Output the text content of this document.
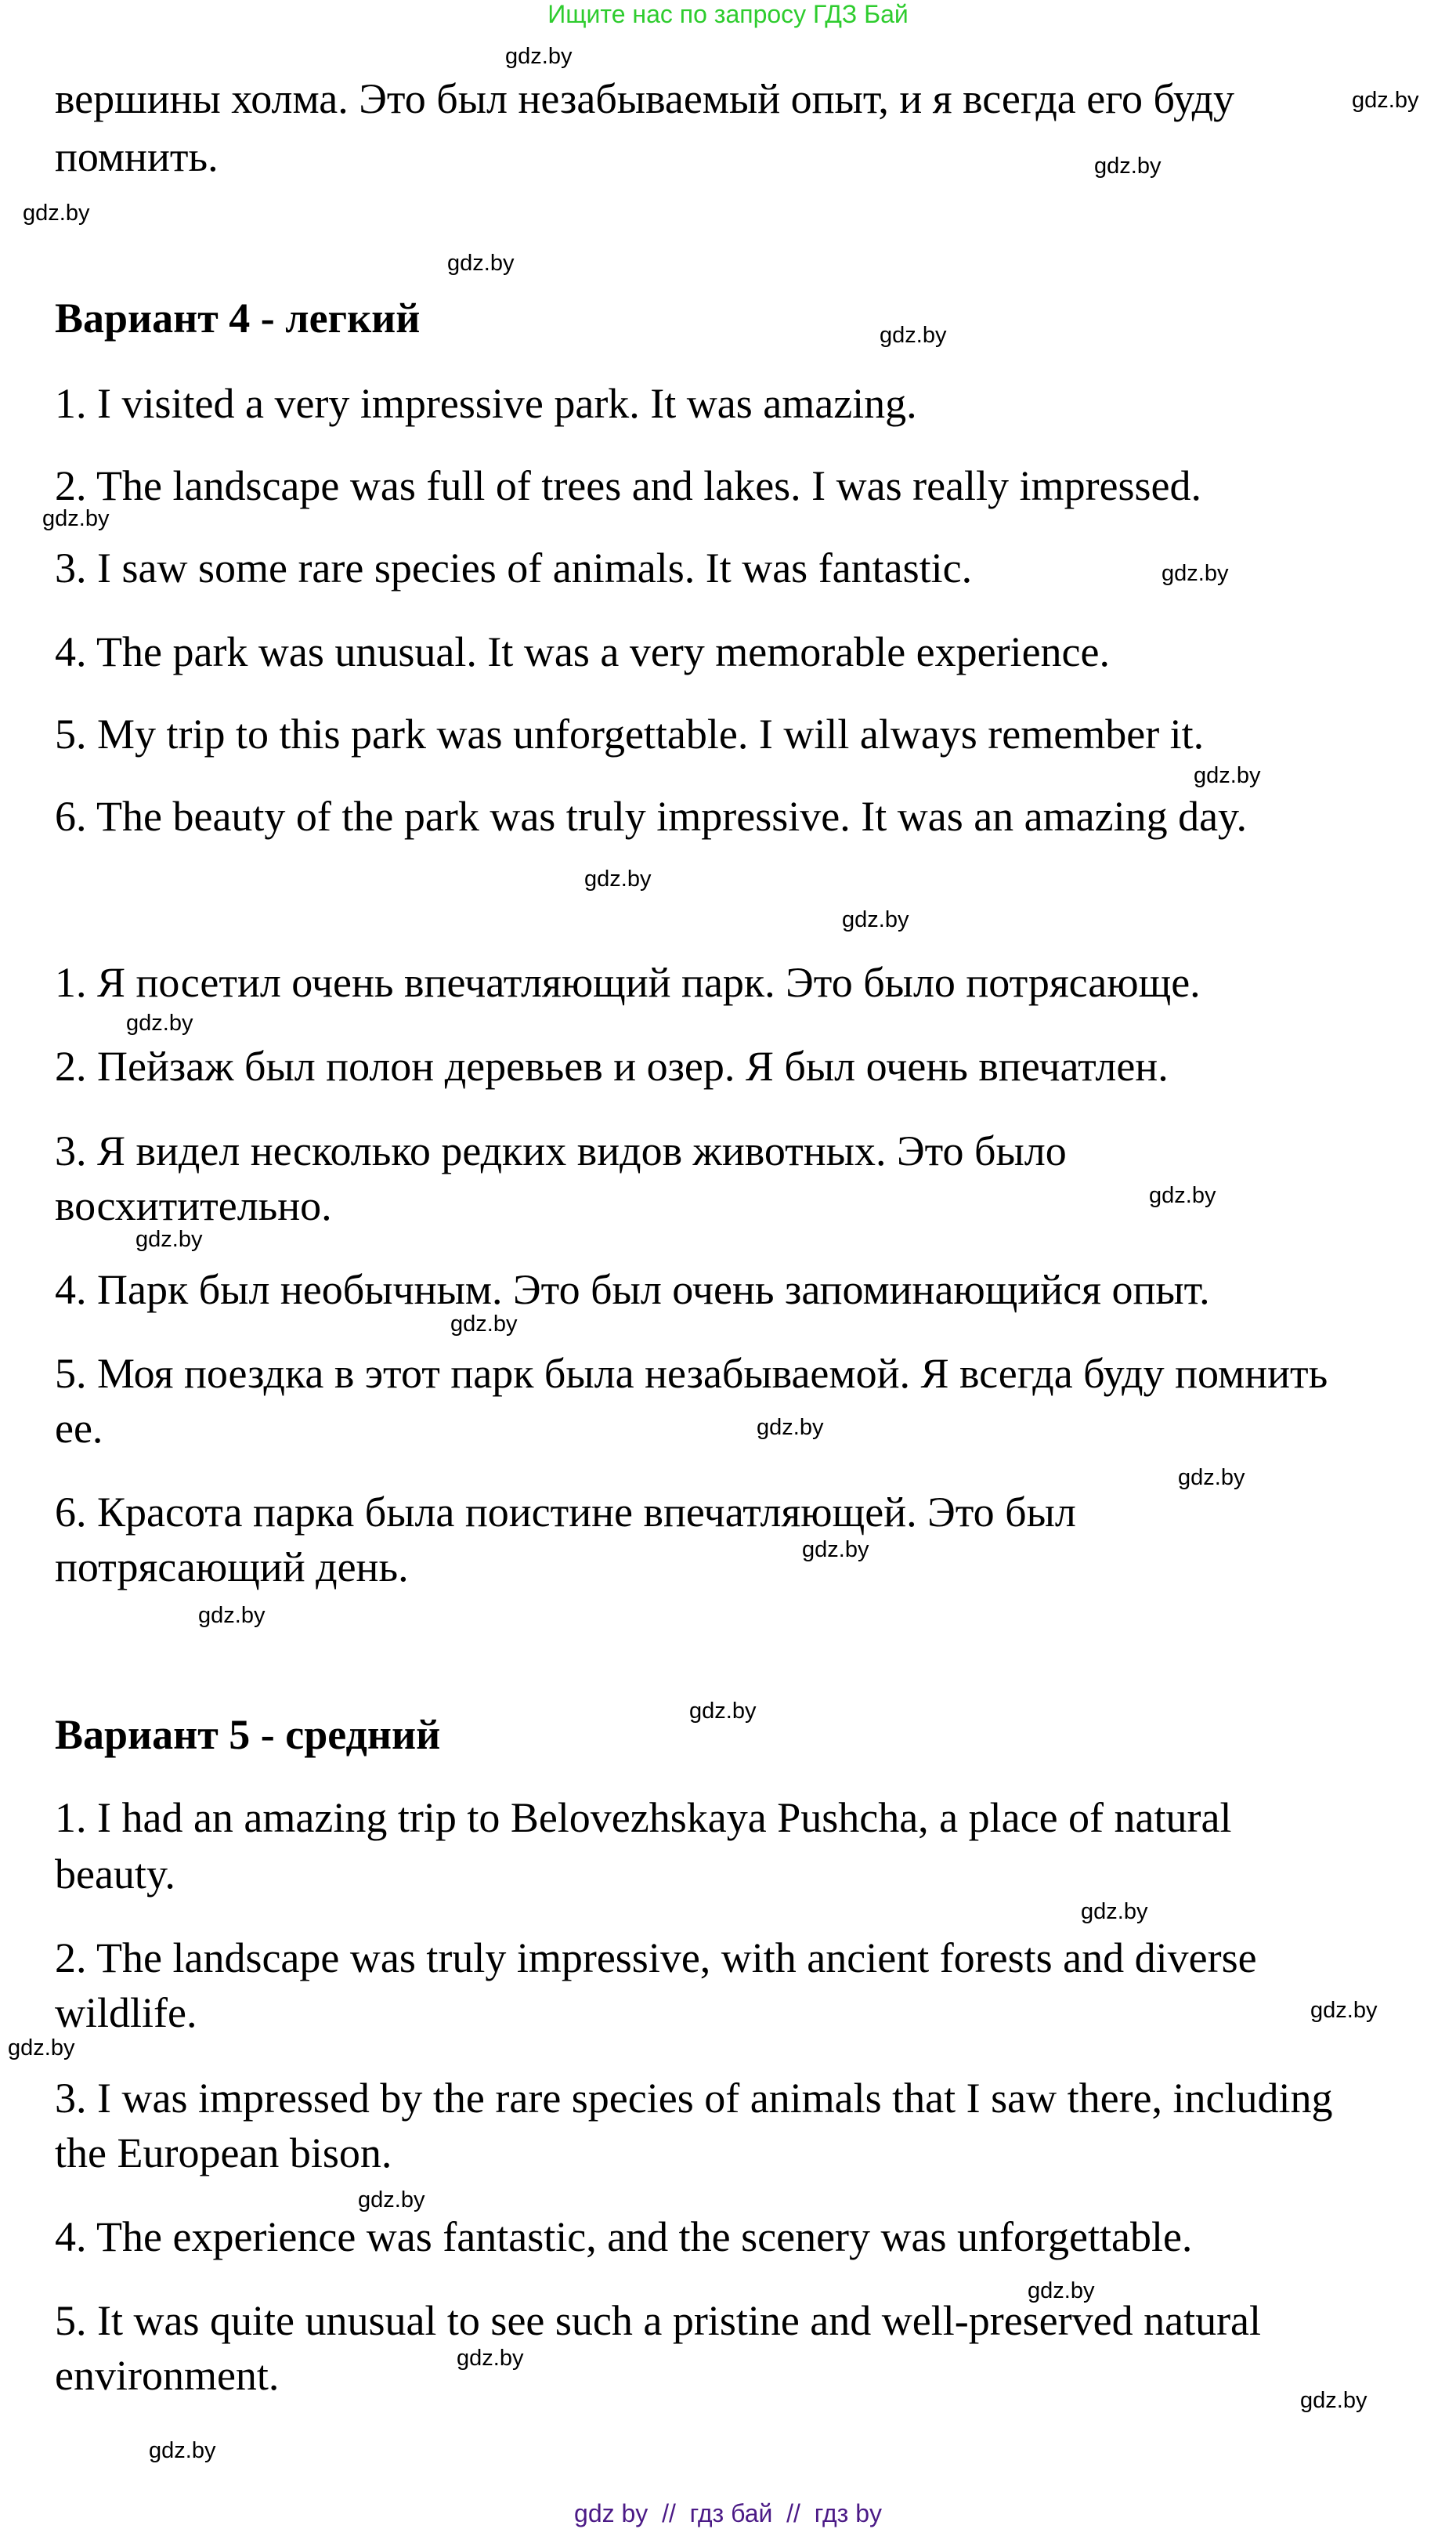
Ищите нас по запросу ГДЗ Бай
вершины холма. Это был незабываемый опыт, и я всегда его буду
помнить.
Вариант 4 - легкий
1. I visited a very impressive park. It was amazing.
2. The landscape was full of trees and lakes. I was really impressed.
3. I saw some rare species of animals. It was fantastic.
4. The park was unusual. It was a very memorable experience.
5. My trip to this park was unforgettable. I will always remember it.
6. The beauty of the park was truly impressive. It was an amazing day.
1. Я посетил очень впечатляющий парк. Это было потрясающе.
2. Пейзаж был полон деревьев и озер. Я был очень впечатлен.
3. Я видел несколько редких видов животных. Это было
восхитительно.
4. Парк был необычным. Это был очень запоминающийся опыт.
5. Моя поездка в этот парк была незабываемой. Я всегда буду помнить
ее.
6. Красота парка была поистине впечатляющей. Это был
потрясающий день.
Вариант 5 - средний
1. I had an amazing trip to Belovezhskaya Pushcha, a place of natural
beauty.
2. The landscape was truly impressive, with ancient forests and diverse
wildlife.
3. I was impressed by the rare species of animals that I saw there, including
the European bison.
4. The experience was fantastic, and the scenery was unforgettable.
5. It was quite unusual to see such a pristine and well-preserved natural
environment.
gdz.by
gdz.by
gdz.by
gdz.by
gdz.by
gdz.by
gdz.by
gdz.by
gdz.by
gdz.by
gdz.by
gdz.by
gdz.by
gdz.by
gdz.by
gdz.by
gdz.by
gdz.by
gdz.by
gdz.by
gdz.by
gdz.by
gdz.by
gdz.by
gdz.by
gdz.by
gdz.by
gdz.by
gdz by  //  гдз бай  //  гдз by
